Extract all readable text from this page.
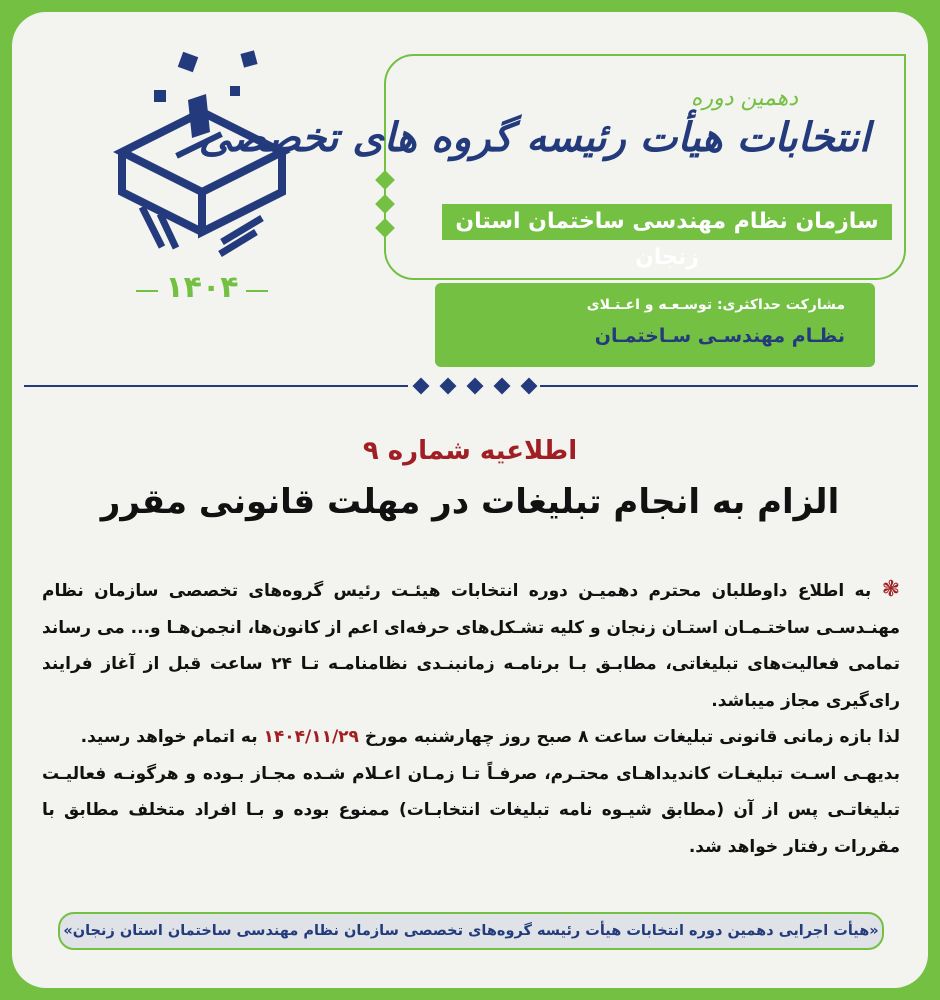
۱۴۰۴
دهمین دوره
انتخابات هیأت رئیسه گروه های تخصصی
سازمان نظام مهندسی ساختمان استان زنجان
مشارکت حداکثری: توسـعـه و اعـتـلای
نظـام مهندسـی سـاختمـان
اطلاعیه شماره ۹
الزام به انجام تبلیغات در مهلت قانونی مقرر

❃ به اطلاع داوطلبان محترم دهمیـن دوره انتخابات هیئـت رئیس گروه‌های تخصصی سازمان نظام مهنـدسـی ساختـمـان استـان زنجان و کلیه تشـکل‌های حرفه‌ای اعم از کانون‌ها، انجمن‌هـا و... می رساند تمامی فعالیت‌های تبلیغاتی، مطابـق بـا برنامـه زمانبنـدی نظامنامـه تـا ۲۴ ساعت قبل از آغاز فرایند رای‌گیری مجاز میباشد.

لذا بازه زمانی قانونی تبلیغات ساعت ۸ صبح روز چهارشنبه مورخ ۱۴۰۴/۱۱/۲۹ به اتمام خواهد رسید.

بدیهـی اسـت تبلیغـات کاندیداهـای محتـرم، صرفـاً تـا زمـان اعـلام شـده مجـاز بـوده و هرگونـه فعالیـت تبلیغاتـی پس از آن (مطابق شیـوه نامه تبلیغات انتخابـات) ممنوع بوده و بـا افراد متخلف مطابق با مقررات رفتار خواهد شد.

«هیأت اجرایی دهمین دوره انتخابات هیأت رئیسه گروه‌های تخصصی سازمان نظام مهندسی ساختمان استان زنجان»
